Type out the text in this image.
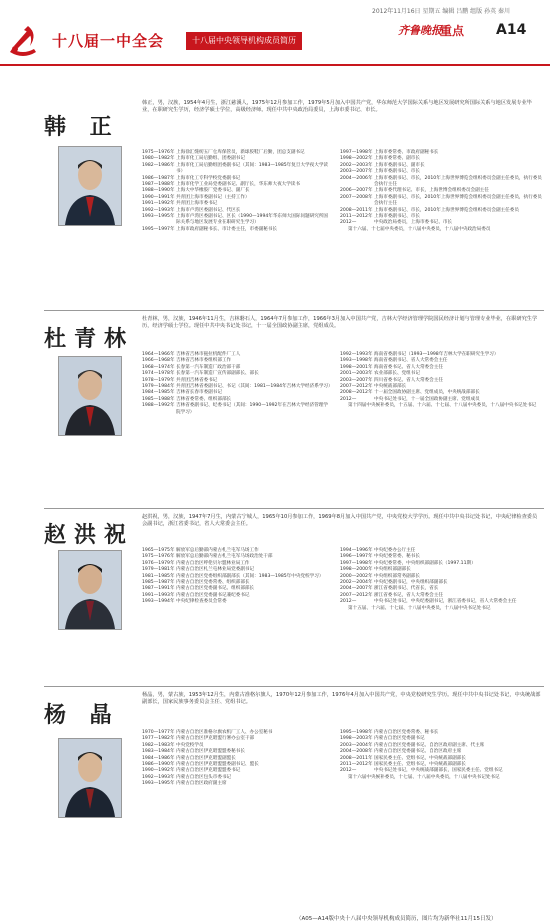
2012年11月16日 星期五 编辑 吕鹏 组版 孙英 秦川
十八届一中全会	十八届中央领导机构成员简历
齐鲁晚报
重点 A14
韩 正
韩正，男，汉族，1954年4月生，浙江慈溪人，1975年12月参加工作，1979年5月加入中国共产党，华东师范大学国际关系与地区发展研究所国际关系与地区发展专业毕业，在职研究生学历，经济学硕士学位，高级经济师。现任中共中央政治局委员，上海市委书记、市长。
1975—1976年 上海徐汇缝纫五厂仓库保管员，新球胶鞋厂后勤，团总支副书记
1980—1982年 上海市化工局后勤组、团委副书记
1982—1986年 上海市化工局后勤组团委副书记（其间：1983—1985年复旦大学夜大学读书）
1986—1987年 上海市化工专科学校党委副书记
1987—1988年 上海市化学工业局党委副书记、副厅长，华东师大夜大学读书
1988—1990年 上海大中华橡胶厂党委书记、副厂长
1990—1991年 共青团上海市委副书记（主持工作）
1991—1992年 共青团上海市委书记
1992—1993年 上海市卢湾区委副书记、代区长
1993—1995年 上海市卢湾区委副书记、区长（1990—1994年华东师大国际问题研究所国际关系与地区发展专业在职研究生学习）
1995—1997年 上海市政府副秘书长、市计委主任，市委副秘书长
1997—1998年 上海市委常委、市政府副秘书长
1998—2002年 上海市委常委、副市长
2002—2003年 上海市委副书记、副市长
2003—2007年 上海市委副书记、市长
2004—2006年 上海市委副书记、市长，2010年上海世界博览会组织委员会副主任委员，执行委员会执行主任
2006—2007年 上海市委代理书记、市长，上海世博会组织委员会副主任
2007—2008年 上海市委副书记、市长，2010年上海世界博览会组织委员会副主任委员，执行委员会执行主任
2008—2011年 上海市委副书记、市长，2010年上海世界博览会组织委员会副主任委员
2011—2012年 上海市委副书记、市长
2012—	中央政治局委员，上海市委书记、市长
第十六届、十七届中央委员，十八届中央委员，十八届中央政治局委员
杜青林
杜青林，男，汉族，1946年11月生，吉林磐石人，1964年7月参加工作，1966年3月加入中国共产党，吉林大学经济管理学院国民经济计划与管理专业毕业，在职研究生学历，经济学硕士学位。现任中共中央书记处书记，十一届全国政协副主席，党组成员。
1964—1966年 吉林省吉林市拖拉机配件厂工人
1966—1968年 吉林省吉林市委组织部工作
1968—1974年 长春第一汽车制造厂政治部干部
1974—1978年 长春第一汽车制造厂宣传部副部长、部长
1978—1979年 共青团吉林省委书记
1979—1984年 共青团吉林省委副书记、书记（其间：1981—1984年吉林大学经济系学习）
1984—1985年 吉林省长春市委副书记
1985—1988年 吉林省委常委、组织部部长
1988—1992年 吉林省委副书记、纪委书记（其间：1990—1992年在吉林大学经济管理学院学习）
1992—1993年 海南省委副书记（1993—1998年吉林大学在职研究生学习）
1993—1998年 海南省委副书记、省人大常委会主任
1998—2001年 海南省委书记、省人大常委会主任
2001—2003年 农业部部长、党组书记
2003—2007年 四川省委书记、省人大常委会主任
2007—2012年 中央统战部部长
2008—2012年 十一届全国政协副主席、党组成员，中央统战部部长
2012—	中央书记处书记，十一届全国政协副主席、党组成员
第十四届中央候补委员，十五届、十六届、十七届、十八届中央委员，十八届中央书记处书记
赵洪祝
赵洪祝，男，汉族，1947年7月生，内蒙古宁城人，1965年10月参加工作，1969年8月加入中国共产党，中央党校大学学历。现任中共中央书记处书记，中央纪律检查委员会副书记，浙江省委书记，省人大常委会主任。
1965—1975年 解放军总后勤部内蒙古札兰屯军马场工作
1975—1976年 解放军总后勤部内蒙古札兰屯军马场政治处干部
1976—1979年 内蒙古自治区呼伦贝尔盟林业局工作
1979—1981年 内蒙古自治区札兰屯林业局党委副书记
1981—1985年 内蒙古自治区党委组织部副部长（其间：1983—1985年中央党校学习）
1985—1987年 内蒙古自治区党委常委、组织部部长
1987—1991年 内蒙古自治区党委副书记、组织部部长
1991—1993年 内蒙古自治区党委副书记兼纪委书记
1993—1994年 中央纪律检查委员会常委
1994—1996年 中央纪委办公厅主任
1996—1997年 中央纪委常委、秘书长
1997—1998年 中央纪委常委，中央组织部副部长（1997.11期）
1998—2000年 中央组织部副部长
2000—2002年 中央组织部常务副部长
2002—2004年 中央纪委副书记，中央组织部副部长
2004—2007年 浙江省委副书记、代省长，省长
2007—2012年 浙江省委书记，省人大常委会主任
2012—	中央书记处书记，中央纪委副书记，浙江省委书记，省人大常委会主任
第十五届、十六届、十七届、十八届中央委员，十八届中央书记处书记
杨 晶
杨晶，男，蒙古族，1953年12月生，内蒙古准格尔旗人，1970年12月参加工作，1976年4月加入中国共产党，中央党校研究生学历。现任中共中央书记处书记，中央统战部副部长，国家民族事务委员会主任、党组书记。
1970—1977年 内蒙古自治区准格尔旗农机厂工人、办公室秘书
1977—1982年 内蒙古自治区伊克昭盟行署办公室干部
1982—1983年 中央党校学员
1983—1984年 内蒙古自治区伊克昭盟盟委秘书长
1984—1986年 内蒙古自治区伊克昭盟副盟长
1986—1990年 内蒙古自治区伊克昭盟盟委副书记、盟长
1990—1992年 内蒙古自治区伊克昭盟盟委书记
1992—1993年 内蒙古自治区包头市委书记
1993—1995年 内蒙古自治区政府副主席
1995—1998年 内蒙古自治区党委常委、秘书长
1998—2003年 内蒙古自治区党委副书记
2003—2004年 内蒙古自治区党委副书记、自治区政府副主席、代主席
2004—2008年 内蒙古自治区党委副书记、自治区政府主席
2008—2011年 国家民委主任、党组书记，中央统战部副部长
2011—2012年 国家民委主任、党组书记，中央统战部副部长
2012—	中央书记处书记，中央统战部副部长，国家民委主任、党组书记
第十六届中央候补委员，十七届、十八届中央委员，十八届中央书记处书记
（A05—A14版中央十八届中央领导机构成员简历，图片均为新华社11月15日发）
